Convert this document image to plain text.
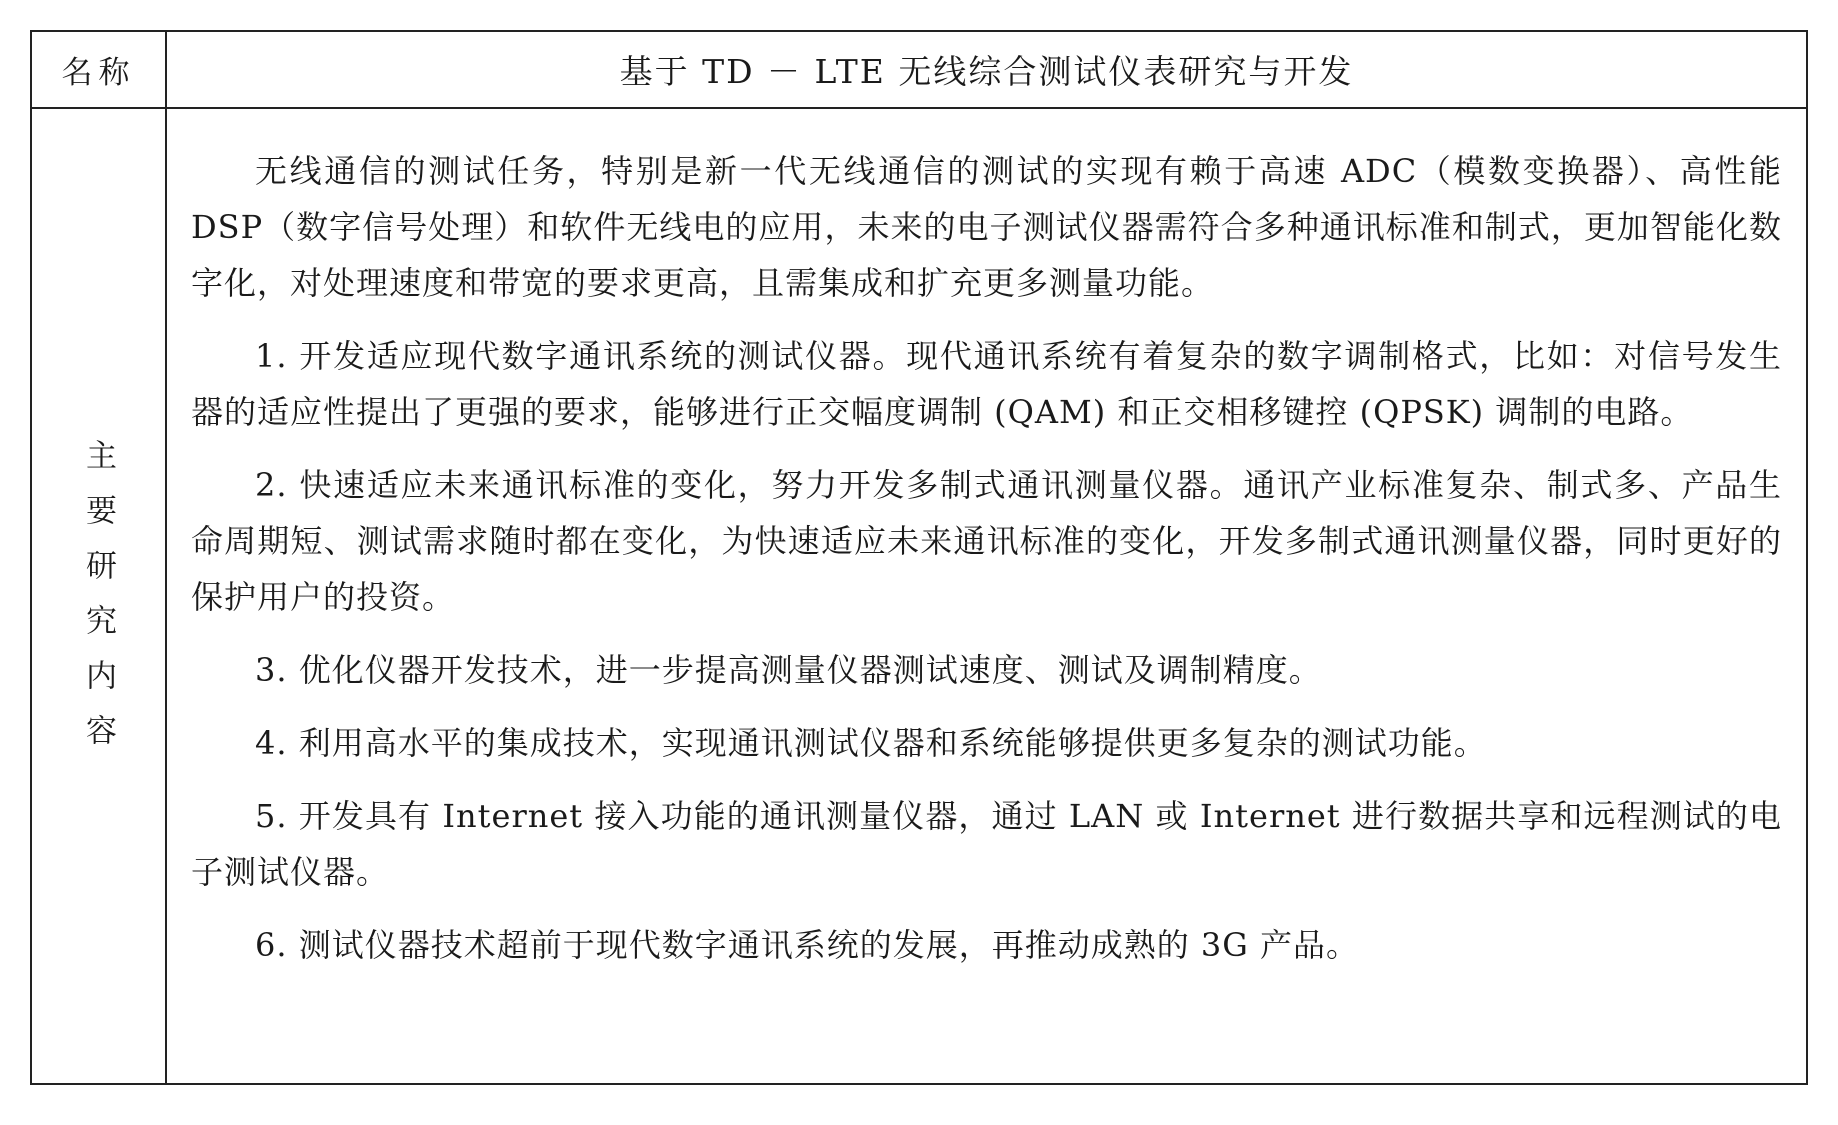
名称	基于 TD － LTE 无线综合测试仪表研究与开发
主要研究内容

无线通信的测试任务，特别是新一代无线通信的测试的实现有赖于高速 ADC（模数变换器）、高性能 DSP（数字信号处理）和软件无线电的应用，未来的电子测试仪器需符合多种通讯标准和制式，更加智能化数字化，对处理速度和带宽的要求更高，且需集成和扩充更多测量功能。

1. 开发适应现代数字通讯系统的测试仪器。现代通讯系统有着复杂的数字调制格式，比如：对信号发生器的适应性提出了更强的要求，能够进行正交幅度调制 (QAM) 和正交相移键控 (QPSK) 调制的电路。

2. 快速适应未来通讯标准的变化，努力开发多制式通讯测量仪器。通讯产业标准复杂、制式多、产品生命周期短、测试需求随时都在变化，为快速适应未来通讯标准的变化，开发多制式通讯测量仪器，同时更好的保护用户的投资。

3. 优化仪器开发技术，进一步提高测量仪器测试速度、测试及调制精度。

4. 利用高水平的集成技术，实现通讯测试仪器和系统能够提供更多复杂的测试功能。

5. 开发具有 Internet 接入功能的通讯测量仪器，通过 LAN 或 Internet 进行数据共享和远程测试的电子测试仪器。

6. 测试仪器技术超前于现代数字通讯系统的发展，再推动成熟的 3G 产品。
